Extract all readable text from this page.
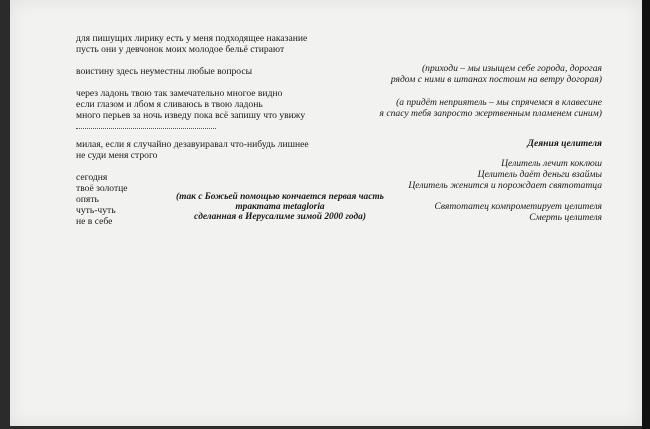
для пишущих лирику есть у меня подходящее наказание
пусть они у девчонок моих молодое бельё стирают
воистину здесь неуместны любые вопросы
через ладонь твою так замечательно многое видно
если глазом и лбом я сливаюсь в твою ладонь
много перьев за ночь изведу пока всё запишу что увижу
милая, если я случайно дезавуиравал что-нибудь лишнее
не суди меня строго
сегодня
твоё золотце
опять
чуть-чуть
не в себе
(приходи – мы изыщем себе города, дорогая
рядом с ними в штанах постоим на ветру догорая)
(а придёт неприятель – мы спрячемся в клавесине
я спасу тебя запросто жертвенным пламенем синим)
Деяния целителя
Целитель лечит коклюш
Целитель даёт деньги взаймы
Целитель женится и порождает святотатца
Святотатец компрометирует целителя
Смерть целителя
(так с Божьей помощью кончается первая часть
трактата metagloria
сделанная в Иерусалиме зимой 2000 года)
